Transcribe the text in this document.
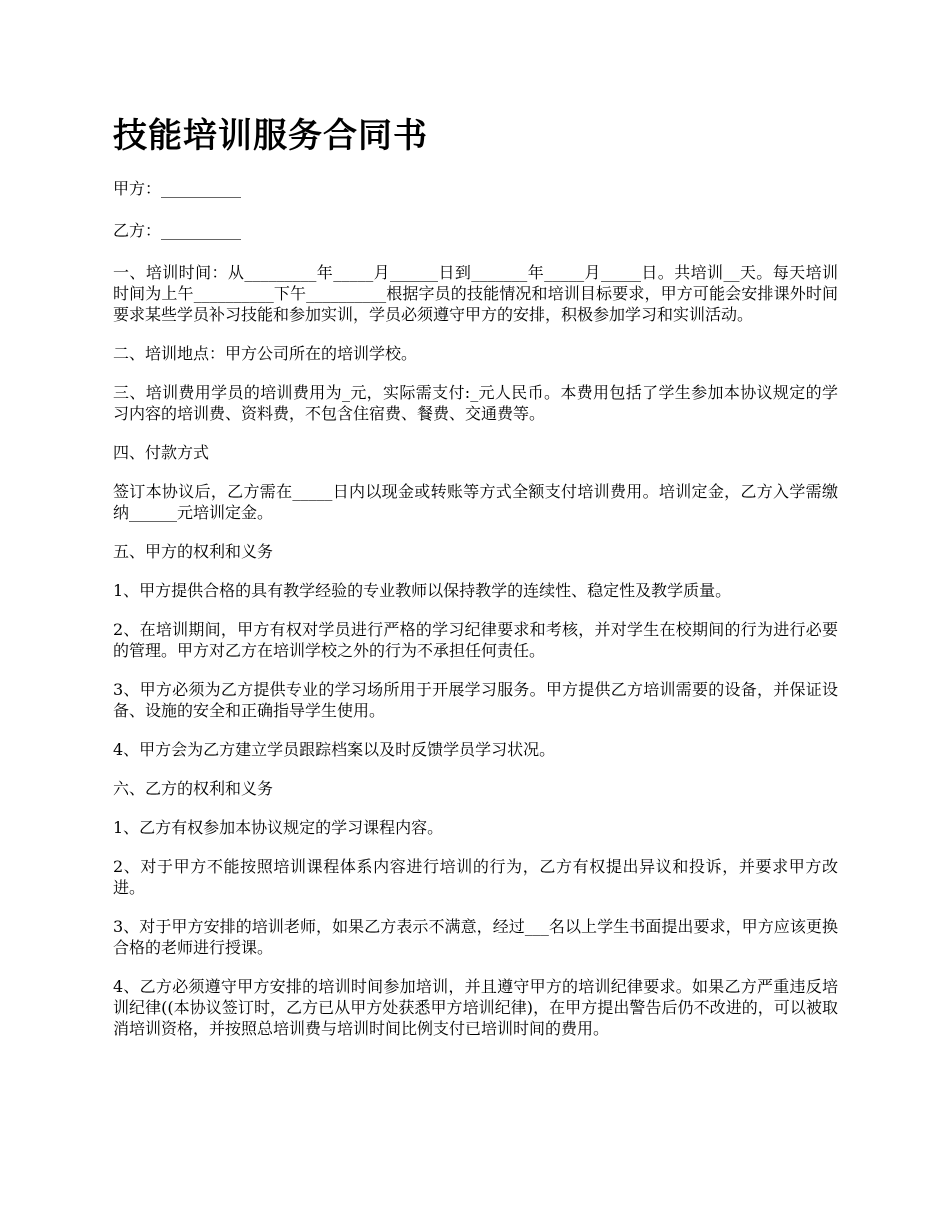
技能培训服务合同书

甲方：__________

乙方：__________

一、培训时间：从_________年_____月______日到_______年_____月_____日。共培训__天。每天培训时间为上午__________下午__________根据字员的技能情况和培训目标要求，甲方可能会安排课外时间要求某些学员补习技能和参加实训，学员必须遵守甲方的安排，积极参加学习和实训活动。

二、培训地点：甲方公司所在的培训学校。

三、培训费用学员的培训费用为_元，实际需支付:_元人民币。本费用包括了学生参加本协议规定的学习内容的培训费、资料费，不包含住宿费、餐费、交通费等。

四、付款方式

签订本协议后，乙方需在_____日内以现金或转账等方式全额支付培训费用。培训定金，乙方入学需缴纳______元培训定金。

五、甲方的权利和义务

1、甲方提供合格的具有教学经验的专业教师以保持教学的连续性、稳定性及教学质量。

2、在培训期间，甲方有权对学员进行严格的学习纪律要求和考核，并对学生在校期间的行为进行必要的管理。甲方对乙方在培训学校之外的行为不承担任何责任。

3、甲方必须为乙方提供专业的学习场所用于开展学习服务。甲方提供乙方培训需要的设备，并保证设备、设施的安全和正确指导学生使用。

4、甲方会为乙方建立学员跟踪档案以及时反馈学员学习状况。

六、乙方的权利和义务

1、乙方有权参加本协议规定的学习课程内容。

2、对于甲方不能按照培训课程体系内容进行培训的行为，乙方有权提出异议和投诉，并要求甲方改进。

3、对于甲方安排的培训老师，如果乙方表示不满意，经过___名以上学生书面提出要求，甲方应该更换合格的老师进行授课。

4、乙方必须遵守甲方安排的培训时间参加培训，并且遵守甲方的培训纪律要求。如果乙方严重违反培训纪律((本协议签订时，乙方已从甲方处获悉甲方培训纪律)，在甲方提出警告后仍不改进的，可以被取消培训资格，并按照总培训费与培训时间比例支付已培训时间的费用。
